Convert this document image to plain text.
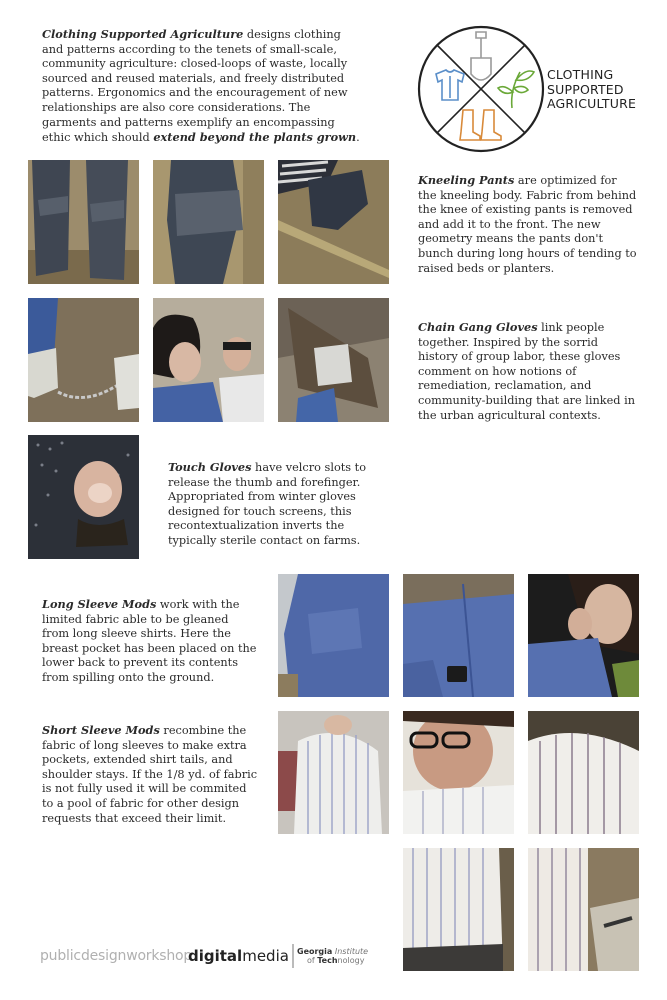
Clothing Supported Agriculture designs clothing and patterns according to the tenets of small-scale, community agriculture: closed-loops of waste, locally sourced and reused materials, and freely distributed patterns. Ergonomics and the encouragement of new relationships are also core considerations. The garments and patterns exemplify an encompassing ethic which should extend beyond the plants grown.
CLOTHING
SUPPORTED
AGRICULTURE
Kneeling Pants are optimized for the kneeling body. Fabric from behind the knee of existing pants is removed and add it to the front. The new geometry means the pants don't bunch during long hours of tending to raised beds or planters.
Chain Gang Gloves link people together. Inspired by the sorrid history of group labor, these gloves comment on how notions of remediation, reclamation, and community-building that are linked in the urban agricultural contexts.
Touch Gloves have velcro slots to release the thumb and forefinger. Appropriated from winter gloves designed for touch screens, this recontextualization inverts the typically sterile contact on farms.
Long Sleeve Mods work with the limited fabric able to be gleaned from long sleeve shirts. Here the breast pocket has been placed on the lower back to prevent its contents from spilling onto the ground.
Short Sleeve Mods recombine the fabric of long sleeves to make extra pockets, extended shirt tails, and shoulder stays. If the 1/8 yd. of fabric is not fully used it will be commited to a pool of fabric for other design requests that exceed their limit.
publicdesignworkshop
digitalmedia Georgia Institute
of Technology
